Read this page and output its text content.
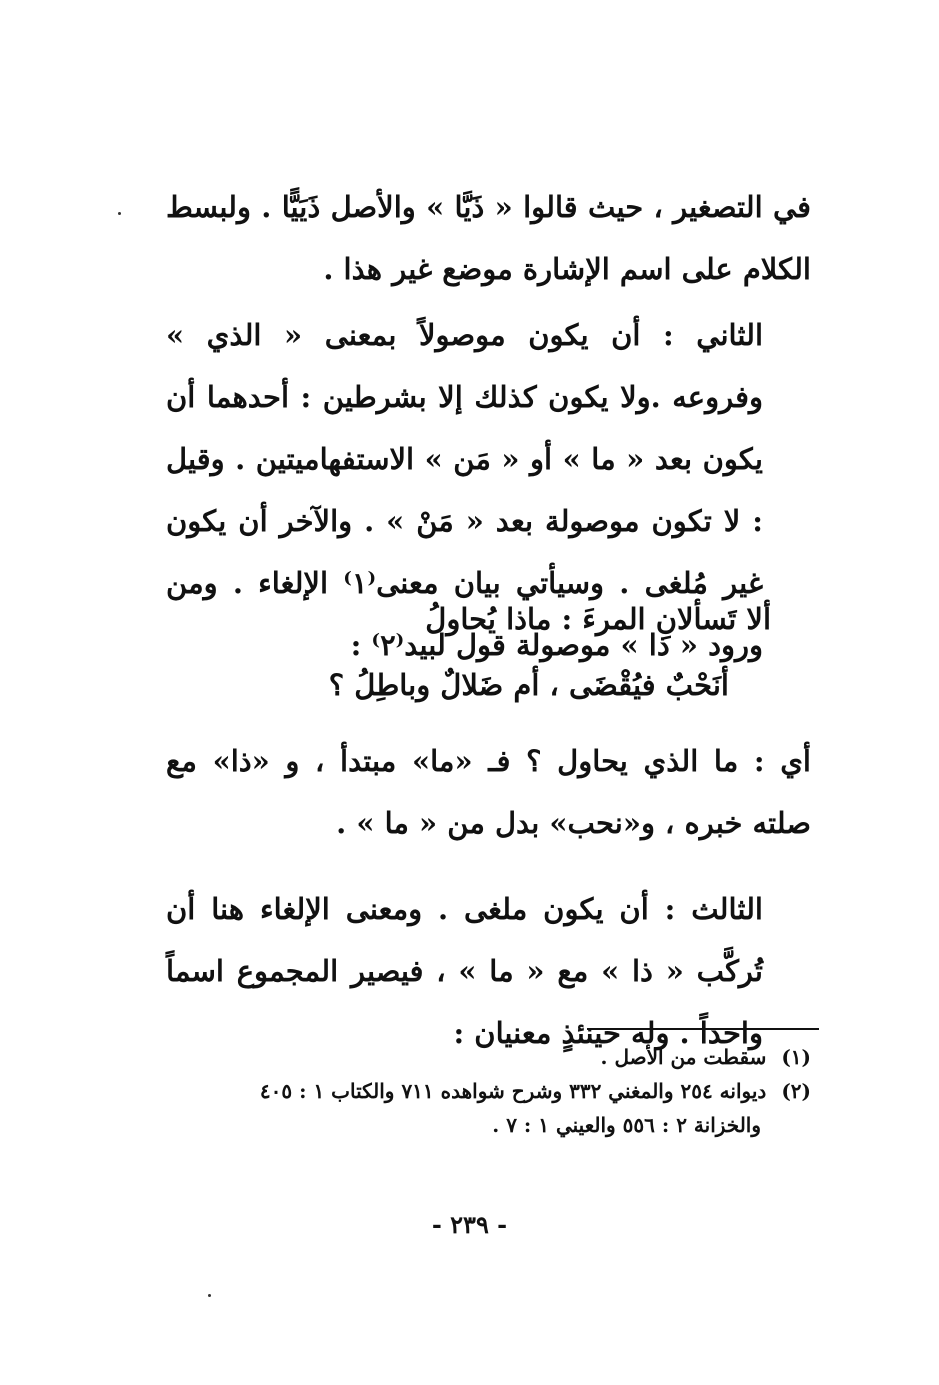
في التصغير ، حيث قالوا « ذَيَّا » والأصل ذَيَيًّا . ولبسط الكلام على اسم الإشارة موضع غير هذا .

الثاني : أن يكون موصولاً بمعنى « الذي » وفروعه .ولا يكون كذلك إلا بشرطين : أحدهما أن يكون بعد « ما » أو « مَن » الاستفهاميتين . وقيل : لا تكون موصولة بعد « مَنْ » . والآخر أن يكون غير مُلغى . وسيأتي بيان معنى⁽١⁾ الإلغاء . ومن ورود « ذا » موصولة قول لبيد⁽٢⁾ :

ألا تَسألانِ المرءَ : ماذا يُحاولُ
أنَحْبٌ فيُقْضَى ، أم ضَلالٌ وباطِلُ ؟

أي : ما الذي يحاول ؟ فـ «ما» مبتدأ ، و «ذا» مع صلته خبره ، و«نحب» بدل من « ما » .

الثالث : أن يكون ملغى . ومعنى الإلغاء هنا أن تُركَّب « ذا » مع « ما » ، فيصير المجموع اسماً واحداً . وله حينئذٍ معنيان :

(١) سقطت من الأصل .

(٢) ديوانه ٢٥٤ والمغني ٣٣٢ وشرح شواهده ٧١١ والكتاب ١ : ٤٠٥

والخزانة ٢ : ٥٥٦ والعيني ١ : ٧ .

- ٢٣٩ -
